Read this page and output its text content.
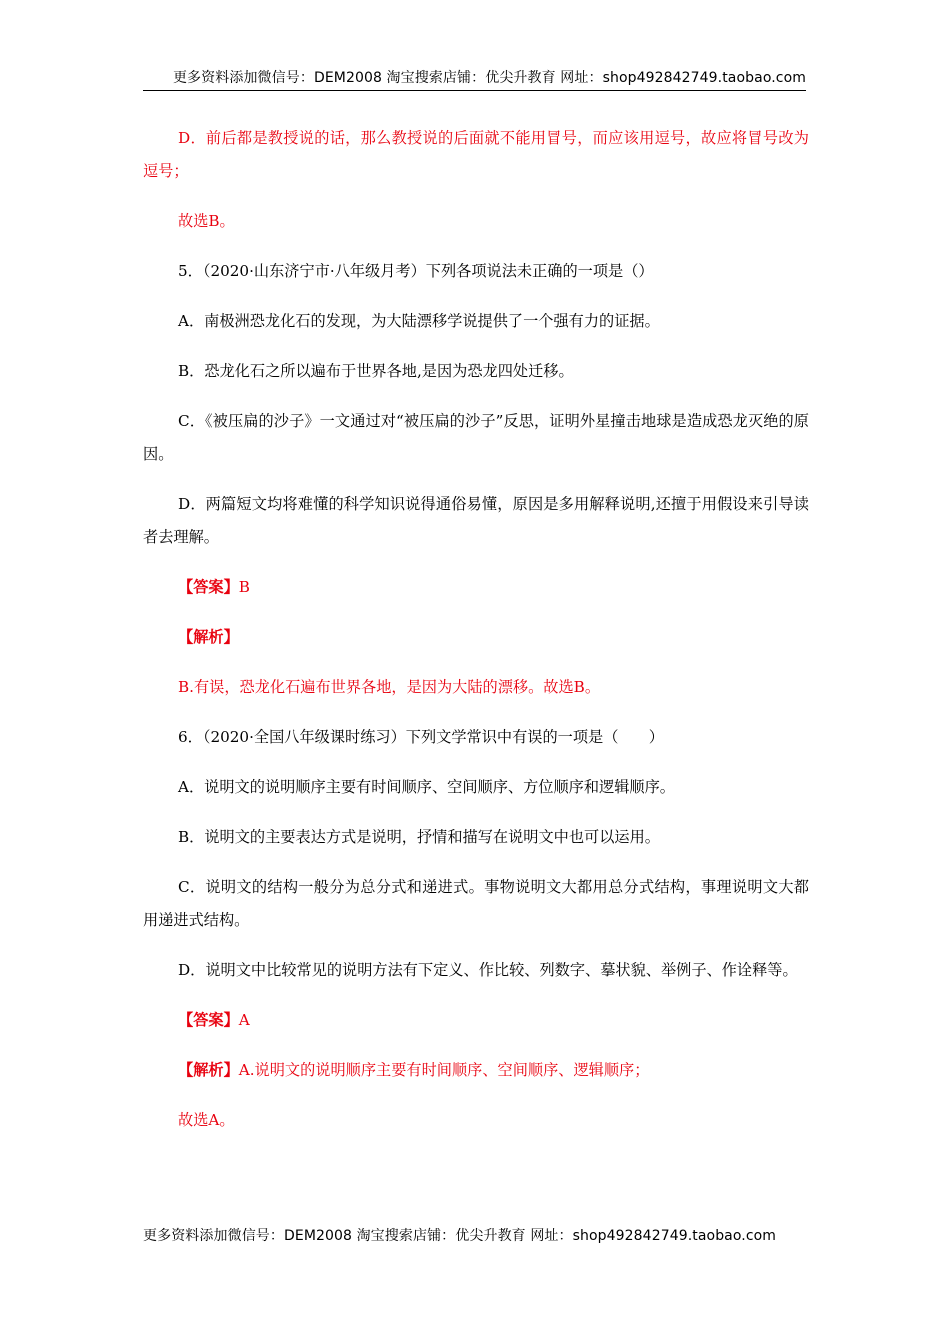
更多资料添加微信号：DEM2008 淘宝搜索店铺：优尖升教育 网址：shop492842749.taobao.com

D．前后都是教授说的话，那么教授说的后面就不能用冒号，而应该用逗号，故应将冒号改为逗号；

故选B。

5．（2020·山东济宁市·八年级月考）下列各项说法未正确的一项是（）

A．南极洲恐龙化石的发现，为大陆漂移学说提供了一个强有力的证据。

B．恐龙化石之所以遍布于世界各地,是因为恐龙四处迁移。

C．《被压扁的沙子》一文通过对“被压扁的沙子”反思，证明外星撞击地球是造成恐龙灭绝的原因。

D．两篇短文均将难懂的科学知识说得通俗易懂，原因是多用解释说明,还擅于用假设来引导读者去理解。

【答案】B

【解析】

B.有误，恐龙化石遍布世界各地，是因为大陆的漂移。故选B。

6．（2020·全国八年级课时练习）下列文学常识中有误的一项是（　　）

A．说明文的说明顺序主要有时间顺序、空间顺序、方位顺序和逻辑顺序。

B．说明文的主要表达方式是说明，抒情和描写在说明文中也可以运用。

C．说明文的结构一般分为总分式和递进式。事物说明文大都用总分式结构，事理说明文大都用递进式结构。

D．说明文中比较常见的说明方法有下定义、作比较、列数字、摹状貌、举例子、作诠释等。

【答案】A

【解析】A.说明文的说明顺序主要有时间顺序、空间顺序、逻辑顺序；

故选A。

更多资料添加微信号：DEM2008 淘宝搜索店铺：优尖升教育 网址：shop492842749.taobao.com
